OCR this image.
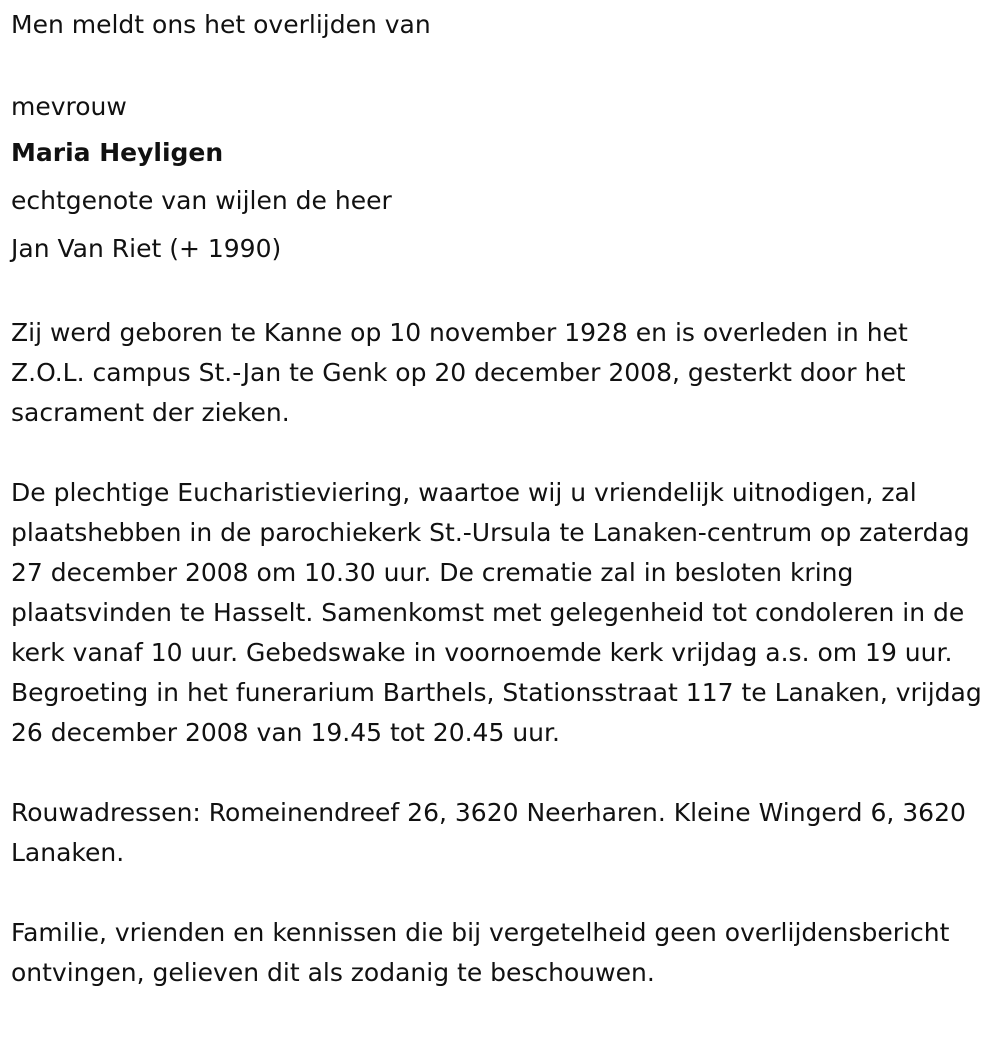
Men meldt ons het overlijden van

mevrouw

Maria Heyligen

echtgenote van wijlen de heer

Jan Van Riet (+ 1990)

Zij werd geboren te Kanne op 10 november 1928 en is overleden in het Z.O.L. campus St.-Jan te Genk op 20 december 2008, gesterkt door het sacrament der zieken.

De plechtige Eucharistieviering, waartoe wij u vriendelijk uitnodigen, zal plaatshebben in de parochiekerk St.-Ursula te Lanaken-centrum op zaterdag 27 december 2008 om 10.30 uur. De crematie zal in besloten kring plaatsvinden te Hasselt. Samenkomst met gelegenheid tot condoleren in de kerk vanaf 10 uur. Gebedswake in voornoemde kerk vrijdag a.s. om 19 uur. Begroeting in het funerarium Barthels, Stationsstraat 117 te Lanaken, vrijdag 26 december 2008 van 19.45 tot 20.45 uur.

Rouwadressen: Romeinendreef 26, 3620 Neerharen. Kleine Wingerd 6, 3620 Lanaken.

Familie, vrienden en kennissen die bij vergetelheid geen overlijdensbericht ontvingen, gelieven dit als zodanig te beschouwen.
